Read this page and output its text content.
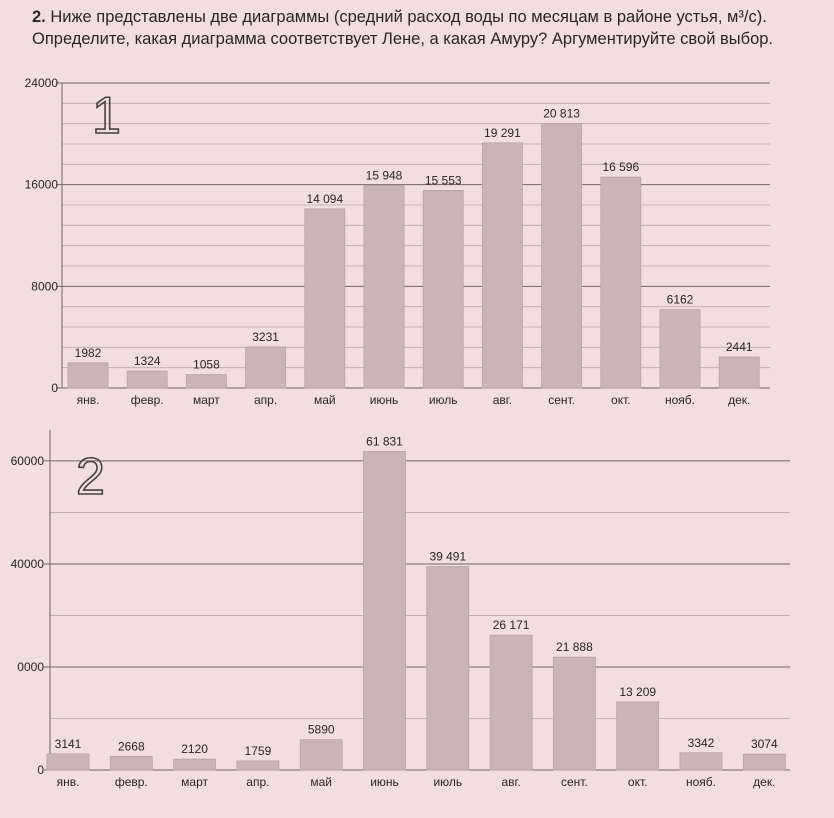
2. Ниже представлены две диаграммы (средний расход воды по месяцам в районе устья, м³/с). Определите, какая диаграмма соответствует Лене, а какая Амуру? Аргументируйте свой выбор.
0
8000
16000
24000
1982
янв.
1324
февр.
1058
март
3231
апр.
14 094
май
15 948
июнь
15 553
июль
19 291
авг.
20 813
сент.
16 596
окт.
6162
нояб.
2441
дек.
1
0
0000
40000
60000
3141
янв.
2668
февр.
2120
март
1759
апр.
5890
май
61 831
июнь
39 491
июль
26 171
авг.
21 888
сент.
13 209
окт.
3342
нояб.
3074
дек.
2
